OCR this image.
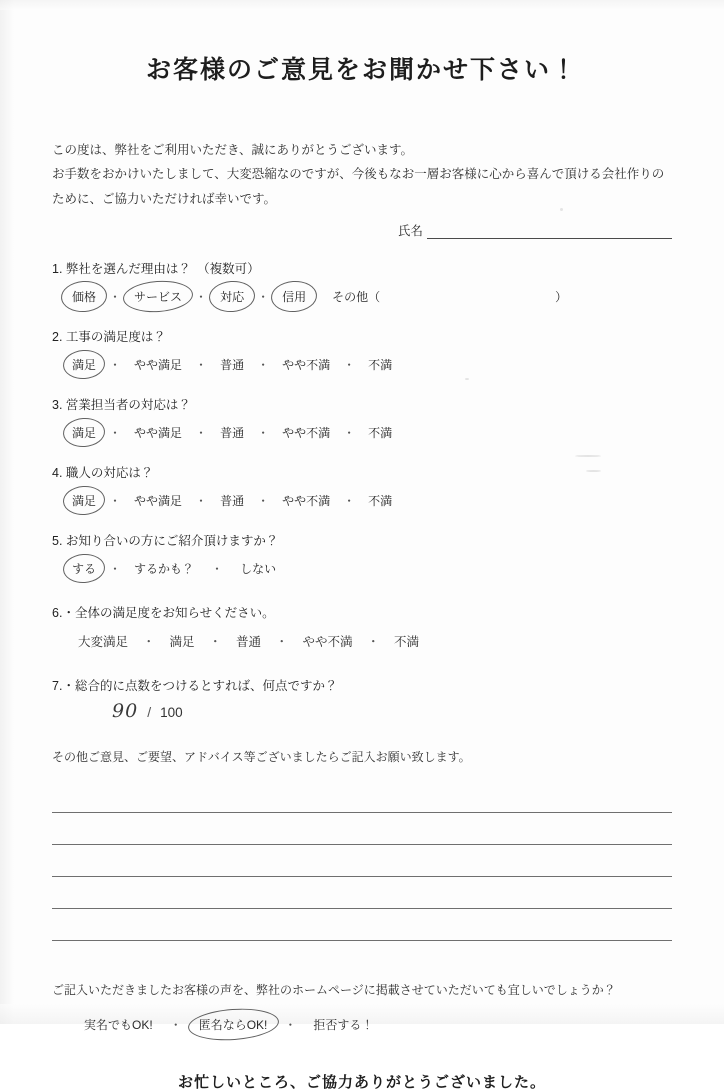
お客様のご意見をお聞かせ下さい！
この度は、弊社をご利用いただき、誠にありがとうございます。
お手数をおかけいたしまして、大変恐縮なのですが、今後もなお一層お客様に心から喜んで頂ける会社作りの
ために、ご協力いただければ幸いです。
氏名
1. 弊社を選んだ理由は？　（複数可）
価格	・	サービス	・	対応	・	信用	その他（	）
2. 工事の満足度は？
満足	・	やや満足	・	普通	・	やや不満	・	不満
3. 営業担当者の対応は？
満足	・	やや満足	・	普通	・	やや不満	・	不満
4. 職人の対応は？
満足	・	やや満足	・	普通	・	やや不満	・	不満
5. お知り合いの方にご紹介頂けますか？
する	・	するかも？	・	しない
6.・全体の満足度をお知らせください。
大変満足 ・ 満足 ・ 普通 ・ やや不満 ・ 不満
7.・総合的に点数をつけるとすれば、何点ですか？
90 / 100
その他ご意見、ご要望、アドバイス等ございましたらご記入お願い致します。
ご記入いただきましたお客様の声を、弊社のホームページに掲載させていただいても宜しいでしょうか？
実名でもOK!	・	匿名ならOK!	・	拒否する！
お忙しいところ、ご協力ありがとうございました。
